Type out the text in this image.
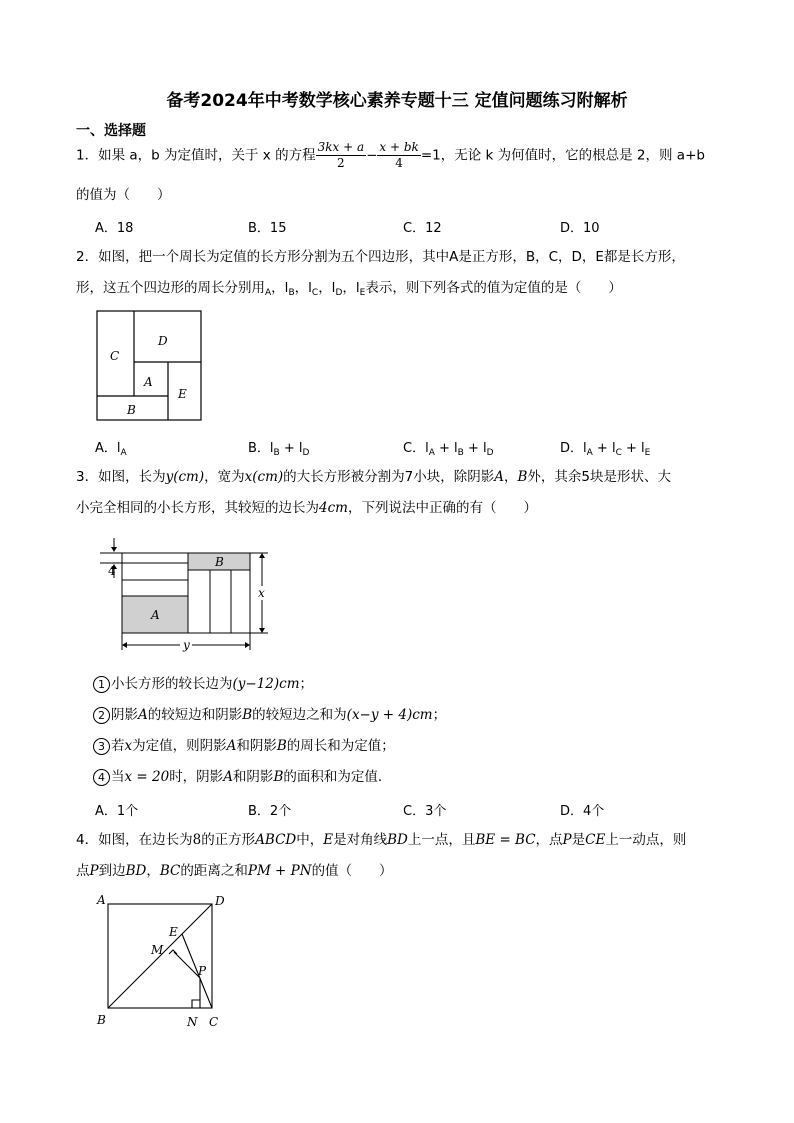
备考2024年中考数学核心素养专题十三 定值问题练习附解析
一、选择题
1．如果 a，b 为定值时，关于 x 的方程 $\frac{3kx + a}{2} - \frac{x + bk}{4} =1$，无论 k 为何值时，它的根总是 2，则 a+b
的值为（　　）
A．18	B．15	C．12	D．10
2．如图，把一个周长为定值的长方形分割为五个四边形，其中A是正方形，B，C，D，E都是长方形，
形，这五个四边形的周长分别用$_A$，$l_B$，$l_C$，$l_D$，$l_E$表示，则下列各式的值为定值的是（　　）
C
D
A
E
B
A．$l_A$	B．$l_B + l_D$	C．$l_A + l_B + l_D$	D．$l_A + l_C + l_E$
3．如图，长为y(cm)，宽为x(cm)的大长方形被分割为7小块，除阴影A，B外，其余5块是形状、大
小完全相同的小长方形，其较短的边长为4cm，下列说法中正确的有（　　）
4
B
A
x
y
1 小长方形的较长边为(y−12)cm；
2 阴影A的较短边和阴影B的较短边之和为(x−y + 4)cm；
3 若x为定值，则阴影A和阴影B的周长和为定值；
4 当x = 20时，阴影A和阴影B的面积和为定值．
A．1个	B．2个	C．3个	D．4个
4．如图，在边长为8的正方形ABCD中，E是对角线BD上一点，且BE = BC，点P是CE上一动点，则
点P到边BD，BC的距离之和PM + PN的值（　　）
A	D
E
M
P
B	N C
